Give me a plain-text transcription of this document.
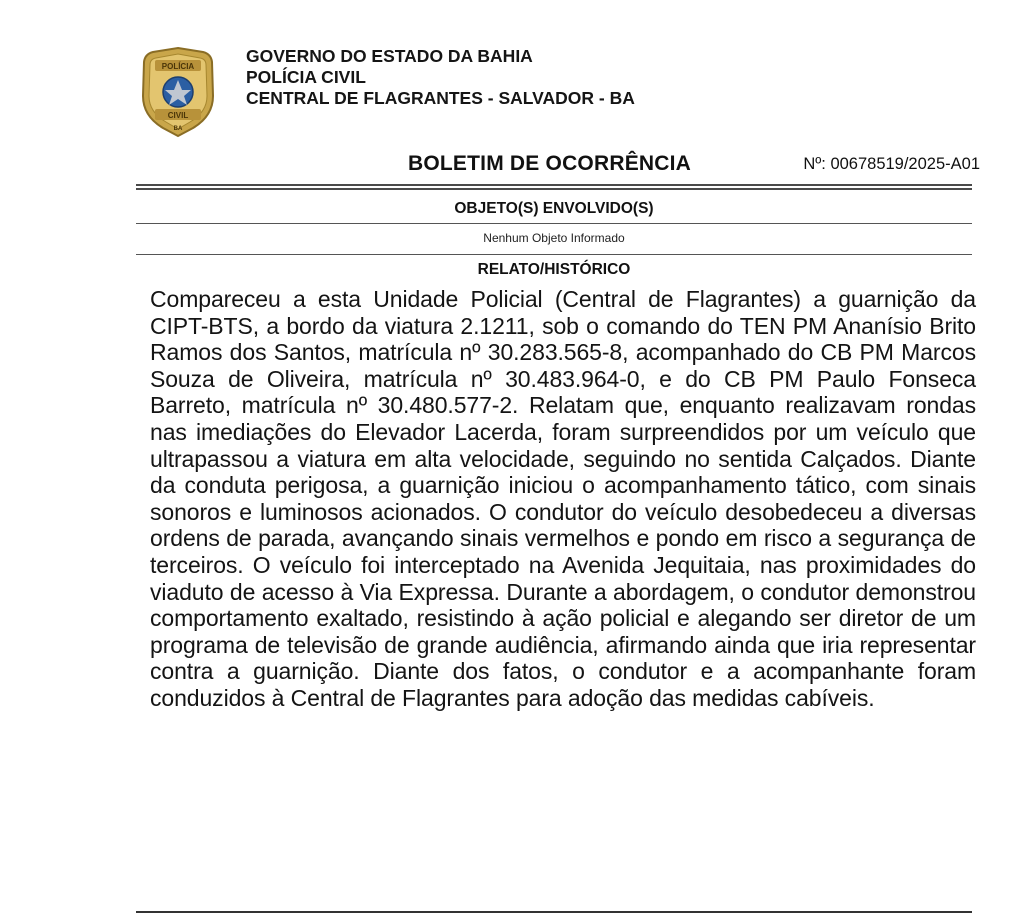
POLÍCIA
CIVIL
BA
GOVERNO DO ESTADO DA BAHIA
POLÍCIA CIVIL
CENTRAL DE FLAGRANTES - SALVADOR - BA
BOLETIM DE OCORRÊNCIA	Nº: 00678519/2025-A01
OBJETO(S) ENVOLVIDO(S)
Nenhum Objeto Informado
RELATO/HISTÓRICO
Compareceu a esta Unidade Policial (Central de Flagrantes) a guarnição da CIPT-BTS, a bordo da viatura 2.1211, sob o comando do TEN PM Ananísio Brito Ramos dos Santos, matrícula nº 30.283.565-8, acompanhado do CB PM Marcos Souza de Oliveira, matrícula nº 30.483.964-0, e do CB PM Paulo Fonseca Barreto, matrícula nº 30.480.577-2. Relatam que, enquanto realizavam rondas nas imediações do Elevador Lacerda, foram surpreendidos por um veículo que ultrapassou a viatura em alta velocidade, seguindo no sentida Calçados. Diante da conduta perigosa, a guarnição iniciou o acompanhamento tático, com sinais sonoros e luminosos acionados. O condutor do veículo desobedeceu a diversas ordens de parada, avançando sinais vermelhos e pondo em risco a segurança de terceiros. O veículo foi interceptado na Avenida Jequitaia, nas proximidades do viaduto de acesso à Via Expressa. Durante a abordagem, o condutor demonstrou comportamento exaltado, resistindo à ação policial e alegando ser diretor de um programa de televisão de grande audiência, afirmando ainda que iria representar contra a guarnição. Diante dos fatos, o condutor e a acompanhante foram conduzidos à Central de Flagrantes para adoção das medidas cabíveis.
